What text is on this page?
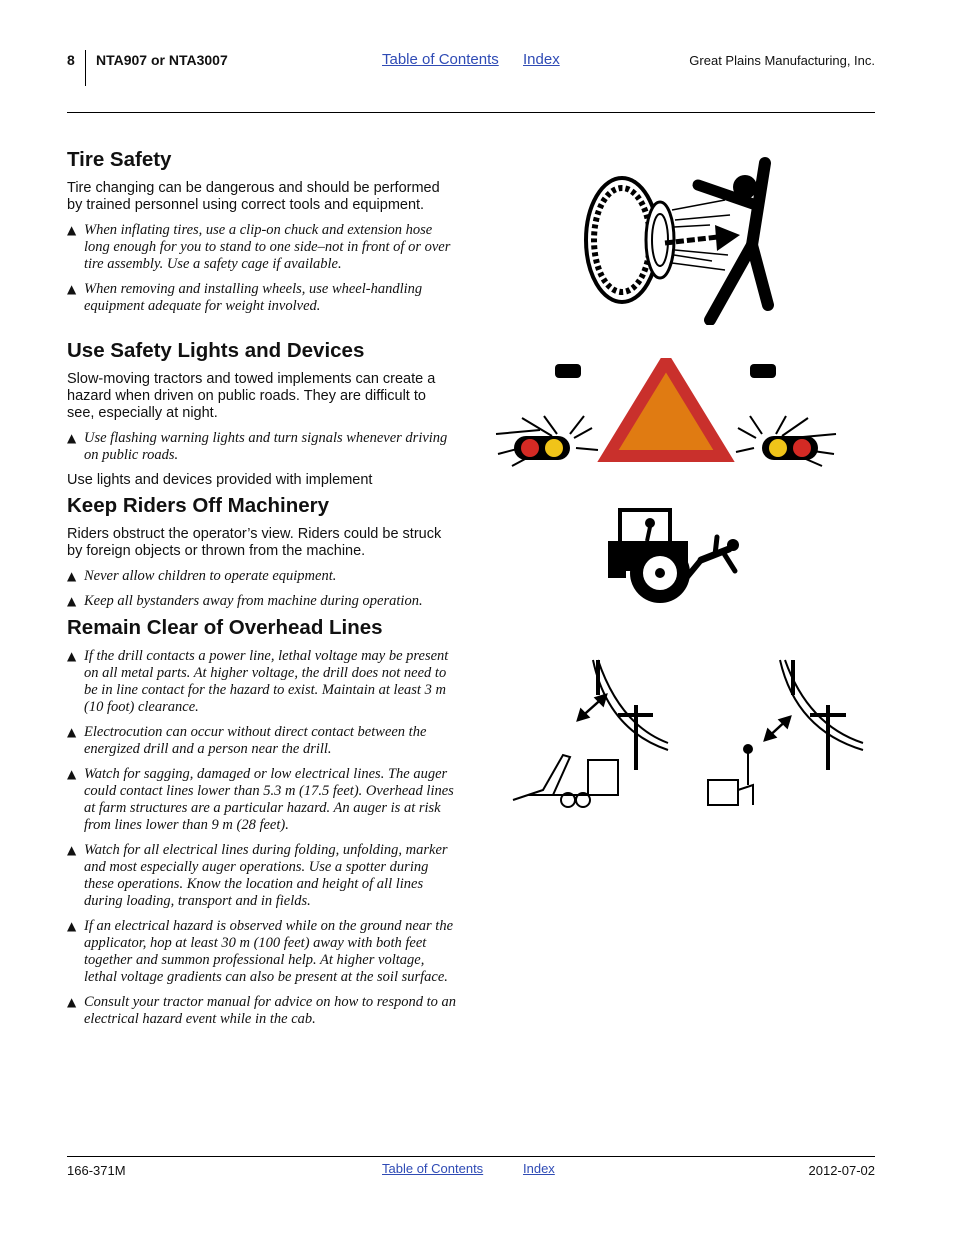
8 NTA907 or NTA3007	Table of Contents Index	Great Plains Manufacturing, Inc.
Tire Safety

Tire changing can be dangerous and should be performed by trained personnel using correct tools and equipment.

▲ When inflating tires, use a clip-on chuck and extension hose long enough for you to stand to one side–not in front of or over tire assembly. Use a safety cage if available.
▲ When removing and installing wheels, use wheel-handling equipment adequate for weight involved.
Use Safety Lights and Devices

Slow-moving tractors and towed implements can create a hazard when driven on public roads. They are difficult to see, especially at night.

▲ Use flashing warning lights and turn signals whenever driving on public roads.

Use lights and devices provided with implement

Keep Riders Off Machinery

Riders obstruct the operator’s view. Riders could be struck by foreign objects or thrown from the machine.

▲ Never allow children to operate equipment.
▲ Keep all bystanders away from machine during operation.
Remain Clear of Overhead Lines
▲ If the drill contacts a power line, lethal voltage may be present on all metal parts. At higher voltage, the drill does not need to be in line contact for the hazard to exist. Maintain at least 3 m (10 foot) clearance.
▲ Electrocution can occur without direct contact between the energized drill and a person near the drill.
▲ Watch for sagging, damaged or low electrical lines. The auger could contact lines lower than 5.3 m (17.5 feet). Overhead lines at farm structures are a particular hazard. An auger is at risk from lines lower than 9 m (28 feet).
▲ Watch for all electrical lines during folding, unfolding, marker and most especially auger operations. Use a spotter during these operations. Know the location and height of all lines during loading, transport and in fields.
▲ If an electrical hazard is observed while on the ground near the applicator, hop at least 30 m (100 feet) away with both feet together and summon professional help. At higher voltage, lethal voltage gradients can also be present at the soil surface.
▲ Consult your tractor manual for advice on how to respond to an electrical hazard event while in the cab.
166-371M	Table of Contents	Index	2012-07-02
